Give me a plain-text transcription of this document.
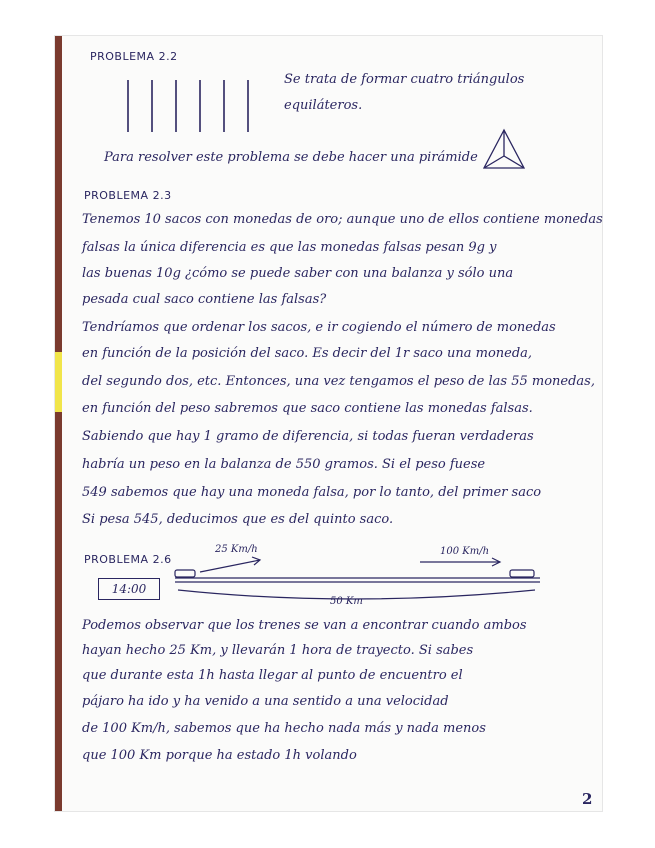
PROBLEMA 2.2
Se trata de formar cuatro triángulos
equiláteros.
Para resolver este problema se debe hacer una pirámide
PROBLEMA 2.3
Tenemos 10 sacos con monedas de oro; aunque uno de ellos contiene monedas
falsas la única diferencia es que las monedas falsas pesan 9g y
las buenas 10g ¿cómo se puede saber con una balanza y sólo una
pesada cual saco contiene las falsas?
Tendríamos que ordenar los sacos, e ir cogiendo el número de monedas
en función de la posición del saco. Es decir del 1r saco una moneda,
del segundo dos, etc. Entonces, una vez tengamos el peso de las 55 monedas,
en función del peso sabremos que saco contiene las monedas falsas.
Sabiendo que hay 1 gramo de diferencia, si todas fueran verdaderas
habría un peso en la balanza de 550 gramos. Si el peso fuese
549 sabemos que hay una moneda falsa, por lo tanto, del primer saco
Si pesa 545, deducimos que es del quinto saco.
PROBLEMA 2.6
14:00
25 Km/h	100 Km/h
50 Km
Podemos observar que los trenes se van a encontrar cuando ambos
hayan hecho 25 Km, y llevarán 1 hora de trayecto. Si sabes
que durante esta 1h hasta llegar al punto de encuentro el
pájaro ha ido y ha venido a una sentido a una velocidad
de 100 Km/h, sabemos que ha hecho nada más y nada menos
que 100 Km porque ha estado 1h volando
2
